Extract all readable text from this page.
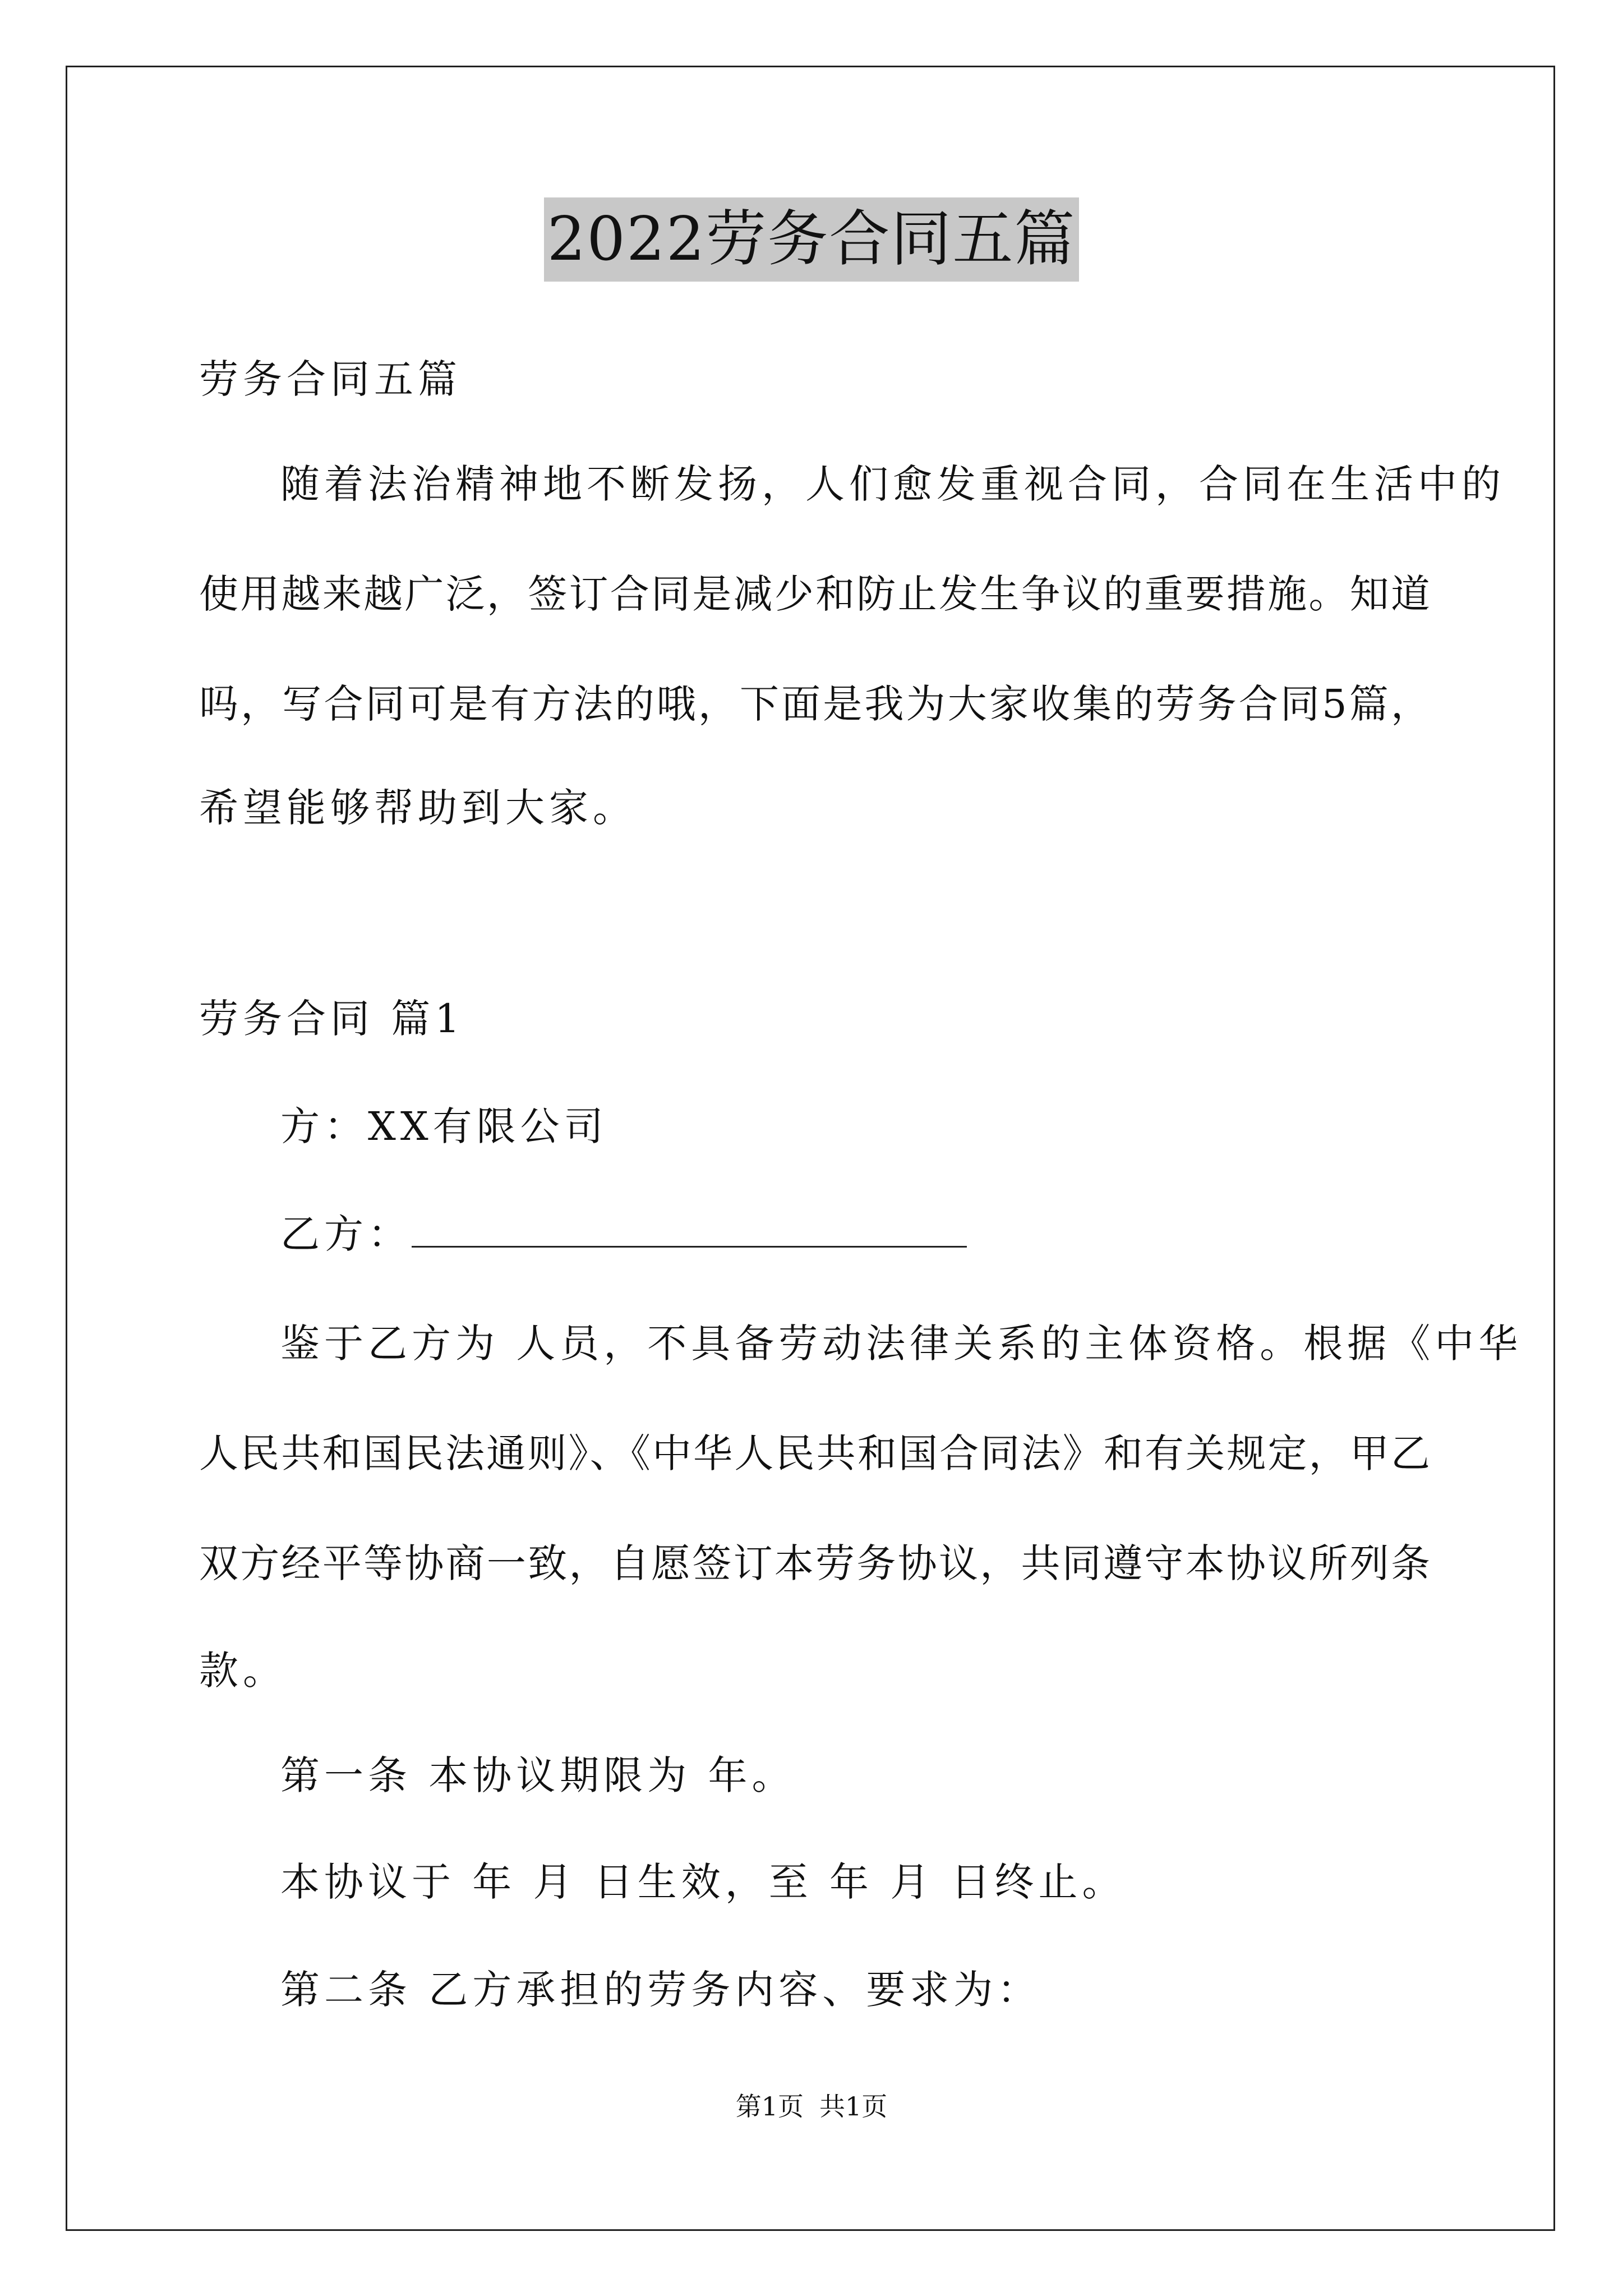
2022劳务合同五篇
劳务合同五篇
随着法治精神地不断发扬，人们愈发重视合同，合同在生活中的
使用越来越广泛，签订合同是减少和防止发生争议的重要措施。知道
吗，写合同可是有方法的哦，下面是我为大家收集的劳务合同5篇，
希望能够帮助到大家。
劳务合同 篇1
方：XX有限公司
乙方：
鉴于乙方为 人员，不具备劳动法律关系的主体资格。根据《中华
人民共和国民法通则》、《中华人民共和国合同法》和有关规定，甲乙
双方经平等协商一致，自愿签订本劳务协议，共同遵守本协议所列条
款。
第一条 本协议期限为 年。
本协议于 年 月 日生效，至 年 月 日终止。
第二条 乙方承担的劳务内容、要求为：
第1页 共1页
